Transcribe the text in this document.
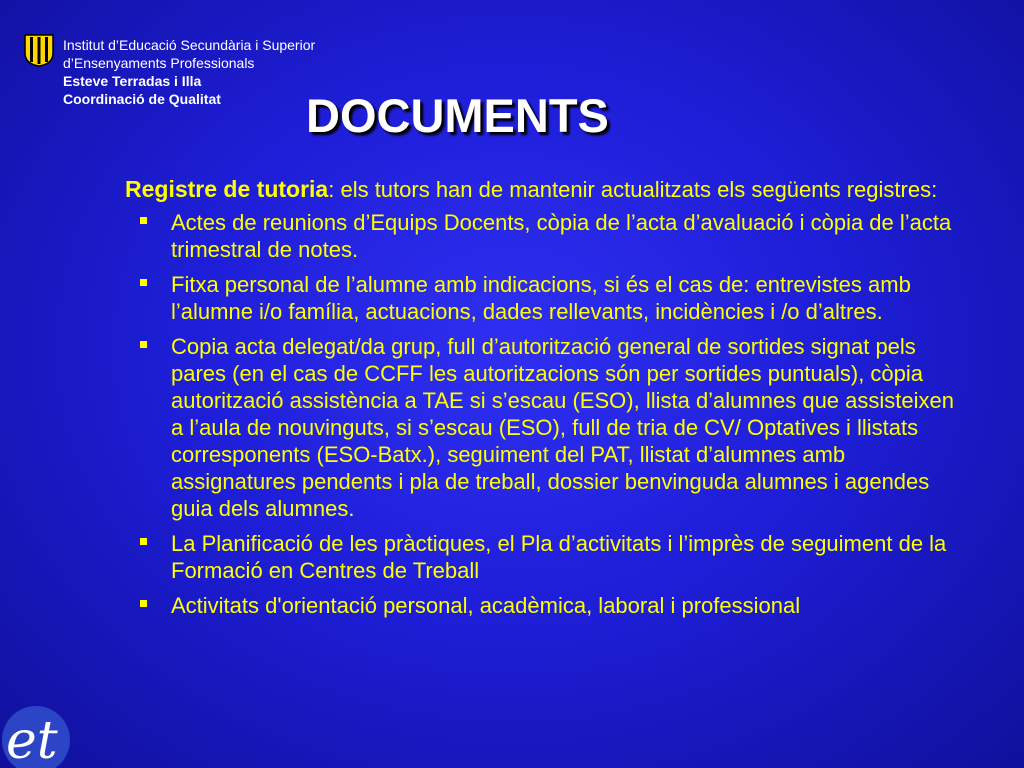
Institut d’Educació Secundària i Superior
d’Ensenyaments Professionals
Esteve Terradas i Illa
Coordinació de Qualitat	DOCUMENTS

Registre de tutoria: els tutors han de mantenir actualitzats els següents registres:

Actes de reunions d’Equips Docents, còpia de l’acta d’avaluació i còpia de l’acta trimestral de notes.
Fitxa personal de l’alumne amb indicacions, si és el cas de: entrevistes amb l’alumne i/o família, actuacions, dades rellevants, incidències i /o d’altres.
Copia acta delegat/da grup, full d’autorització general de sortides signat pels pares (en el cas de CCFF les autoritzacions són per sortides puntuals), còpia autorització assistència a TAE si s’escau (ESO), llista d’alumnes que assisteixen a l’aula de nouvinguts, si s’escau (ESO), full de tria de CV/ Optatives i llistats corresponents (ESO-Batx.), seguiment del PAT, llistat d’alumnes amb assignatures pendents i pla de treball, dossier benvinguda alumnes i agendes guia dels alumnes.
La Planificació de les pràctiques, el Pla d’activitats i l’imprès de seguiment de la Formació en Centres de Treball
Activitats d'orientació personal, acadèmica, laboral i professional
et
